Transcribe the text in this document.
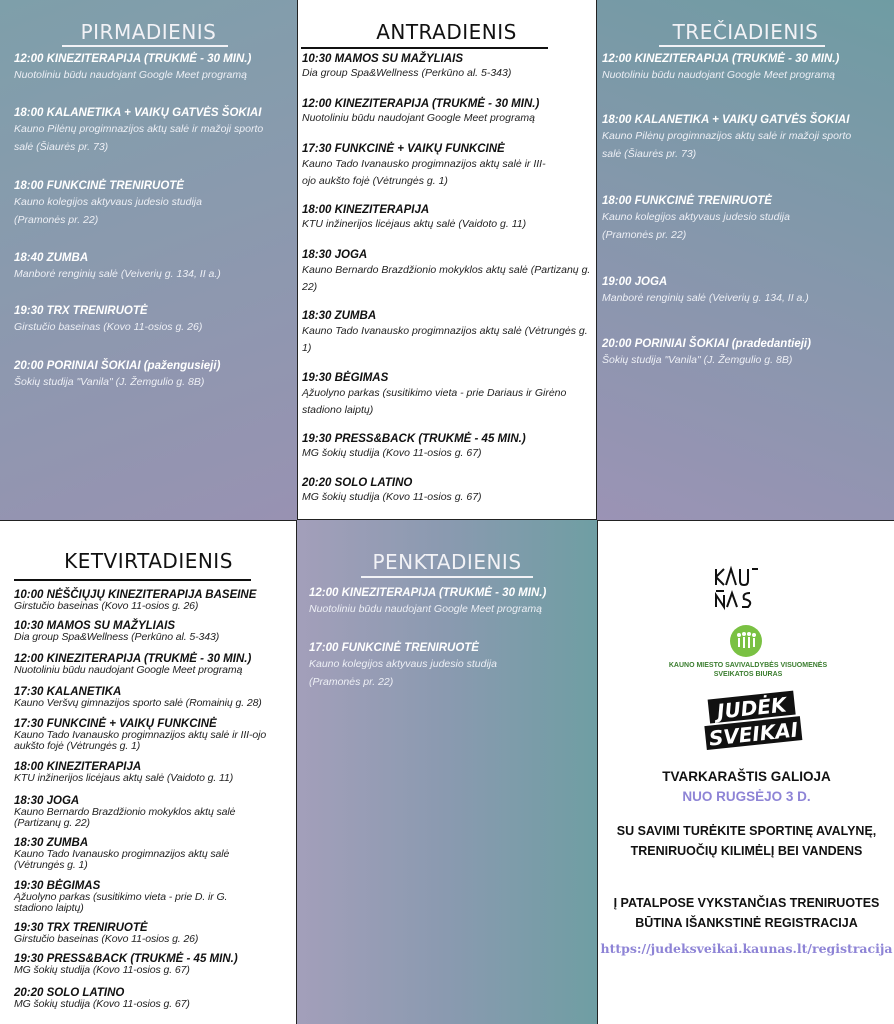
PIRMADIENIS
12:00 KINEZITERAPIJA (TRUKMĖ - 30 MIN.)
Nuotoliniu būdu naudojant Google Meet programą
18:00 KALANETIKA + VAIKŲ GATVĖS ŠOKIAI
Kauno Pilėnų progimnazijos aktų salė ir mažoji sporto salė (Šiaurės pr. 73)
18:00 FUNKCINĖ TRENIRUOTĖ
Kauno kolegijos aktyvaus judesio studija (Pramonės pr. 22)
18:40 ZUMBA
Manborė renginių salė (Veiverių g. 134, II a.)
19:30 TRX TRENIRUOTĖ
Girstučio baseinas (Kovo 11-osios g. 26)
20:00 PORINIAI ŠOKIAI (pažengusieji)
Šokių studija "Vanila" (J. Žemgulio g. 8B)
ANTRADIENIS
10:30 MAMOS SU MAŽYLIAIS
Dia group Spa&Wellness (Perkūno al. 5-343)
12:00 KINEZITERAPIJA (TRUKMĖ - 30 MIN.)
Nuotoliniu būdu naudojant Google Meet programą
17:30 FUNKCINĖ + VAIKŲ FUNKCINĖ
Kauno Tado Ivanausko progimnazijos aktų salė ir III-ojo aukšto fojė (Vėtrungės g. 1)
18:00 KINEZITERAPIJA
KTU inžinerijos licėjaus aktų salė (Vaidoto g. 11)
18:30 JOGA
Kauno Bernardo Brazdžionio mokyklos aktų salė (Partizanų g. 22)
18:30 ZUMBA
Kauno Tado Ivanausko progimnazijos aktų salė (Vėtrungės g. 1)
19:30 BĖGIMAS
Ąžuolyno parkas (susitikimo vieta - prie Dariaus ir Girėno stadiono laiptų)
19:30 PRESS&BACK (TRUKMĖ - 45 MIN.)
MG šokių studija (Kovo 11-osios g. 67)
20:20 SOLO LATINO
MG šokių studija (Kovo 11-osios g. 67)
TREČIADIENIS
12:00 KINEZITERAPIJA (TRUKMĖ - 30 MIN.)
Nuotoliniu būdu naudojant Google Meet programą
18:00 KALANETIKA + VAIKŲ GATVĖS ŠOKIAI
Kauno Pilėnų progimnazijos aktų salė ir mažoji sporto salė (Šiaurės pr. 73)
18:00 FUNKCINĖ TRENIRUOTĖ
Kauno kolegijos aktyvaus judesio studija (Pramonės pr. 22)
19:00 JOGA
Manborė renginių salė (Veiverių g. 134, II a.)
20:00 PORINIAI ŠOKIAI (pradedantieji)
Šokių studija "Vanila" (J. Žemgulio g. 8B)
KETVIRTADIENIS
10:00 NĖŠČIŲJŲ KINEZITERAPIJA BASEINE
Girstučio baseinas (Kovo 11-osios g. 26)
10:30 MAMOS SU MAŽYLIAIS
Dia group Spa&Wellness (Perkūno al. 5-343)
12:00 KINEZITERAPIJA (TRUKMĖ - 30 MIN.)
Nuotoliniu būdu naudojant Google Meet programą
17:30 KALANETIKA
Kauno Veršvų gimnazijos sporto salė (Romainių g. 28)
17:30 FUNKCINĖ + VAIKŲ FUNKCINĖ
Kauno Tado Ivanausko progimnazijos aktų salė ir III-ojo aukšto fojė (Vėtrungės g. 1)
18:00 KINEZITERAPIJA
KTU inžinerijos licėjaus aktų salė (Vaidoto g. 11)
18:30 JOGA
Kauno Bernardo Brazdžionio mokyklos aktų salė (Partizanų g. 22)
18:30 ZUMBA
Kauno Tado Ivanausko progimnazijos aktų salė (Vėtrungės g. 1)
19:30 BĖGIMAS
Ąžuolyno parkas (susitikimo vieta - prie D. ir G. stadiono laiptų)
19:30 TRX TRENIRUOTĖ
Girstučio baseinas (Kovo 11-osios g. 26)
19:30 PRESS&BACK (TRUKMĖ - 45 MIN.)
MG šokių studija (Kovo 11-osios g. 67)
20:20 SOLO LATINO
MG šokių studija (Kovo 11-osios g. 67)
PENKTADIENIS
12:00 KINEZITERAPIJA (TRUKMĖ - 30 MIN.)
Nuotoliniu būdu naudojant Google Meet programą
17:00 FUNKCINĖ TRENIRUOTĖ
Kauno kolegijos aktyvaus judesio studija (Pramonės pr. 22)
KAUNO MIESTO SAVIVALDYBĖS VISUOMENĖS SVEIKATOS BIURAS
JUDĖK
SVEIKAI
TVARKARAŠTIS GALIOJA
NUO RUGSĖJO 3 D.
SU SAVIMI TURĖKITE SPORTINĘ AVALYNĘ,
TRENIRUOČIŲ KILIMĖLĮ BEI VANDENS
Į PATALPOSE VYKSTANČIAS TRENIRUOTES
BŪTINA IŠANKSTINĖ REGISTRACIJA
https://judeksveikai.kaunas.lt/registracija
